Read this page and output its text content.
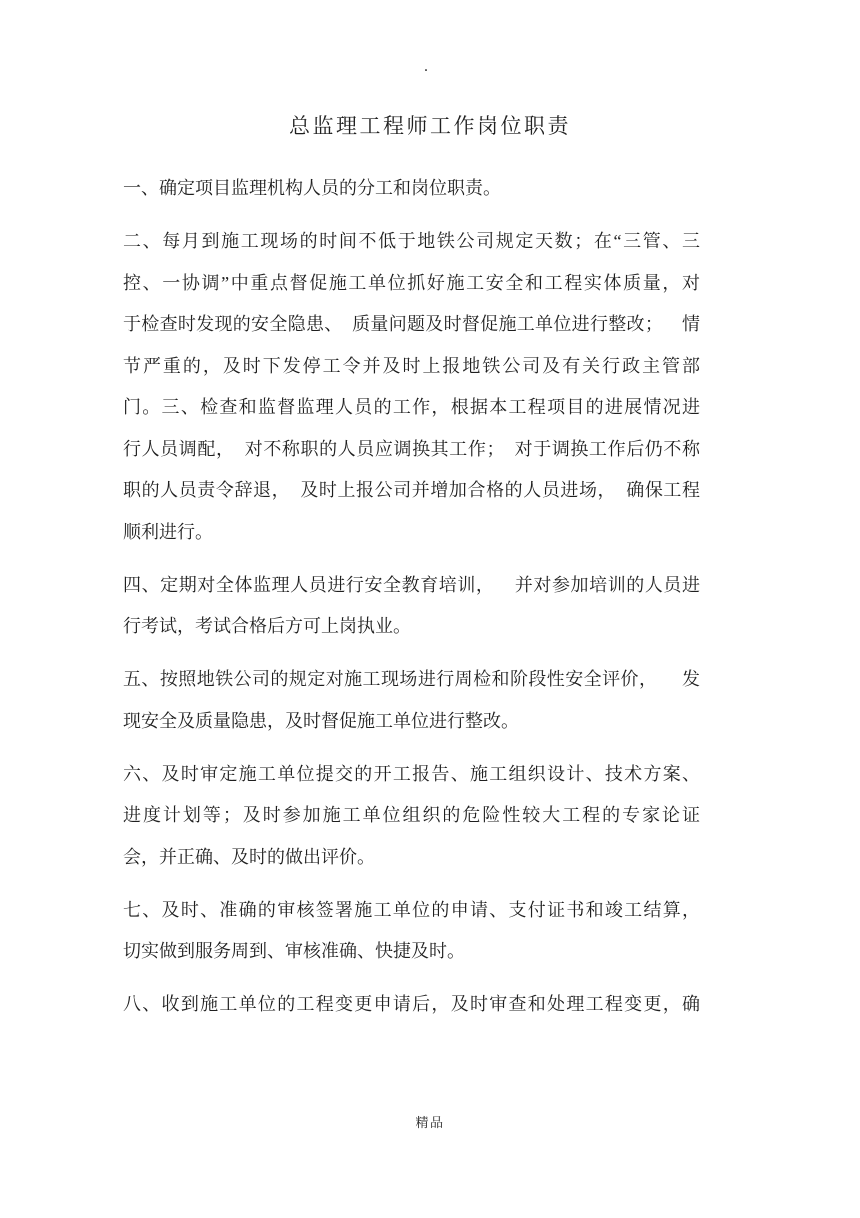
.
总监理工程师工作岗位职责

一、确定项目监理机构人员的分工和岗位职责。

二、每月到施工现场的时间不低于地铁公司规定天数；在“三管、三
控、一协调”中重点督促施工单位抓好施工安全和工程实体质量，对
于检查时发现的安全隐患、  质量问题及时督促施工单位进行整改；    情
节严重的，及时下发停工令并及时上报地铁公司及有关行政主管部
门。三、检查和监督监理人员的工作，根据本工程项目的进展情况进
行人员调配，  对不称职的人员应调换其工作；  对于调换工作后仍不称
职的人员责令辞退，  及时上报公司并增加合格的人员进场，  确保工程
顺利进行。

四、定期对全体监理人员进行安全教育培训，    并对参加培训的人员进
行考试，考试合格后方可上岗执业。

五、按照地铁公司的规定对施工现场进行周检和阶段性安全评价，     发
现安全及质量隐患，及时督促施工单位进行整改。

六、及时审定施工单位提交的开工报告、施工组织设计、技术方案、
进度计划等；及时参加施工单位组织的危险性较大工程的专家论证
会，并正确、及时的做出评价。

七、及时、准确的审核签署施工单位的申请、支付证书和竣工结算，
切实做到服务周到、审核准确、快捷及时。

八、收到施工单位的工程变更申请后，及时审查和处理工程变更，确

精品
